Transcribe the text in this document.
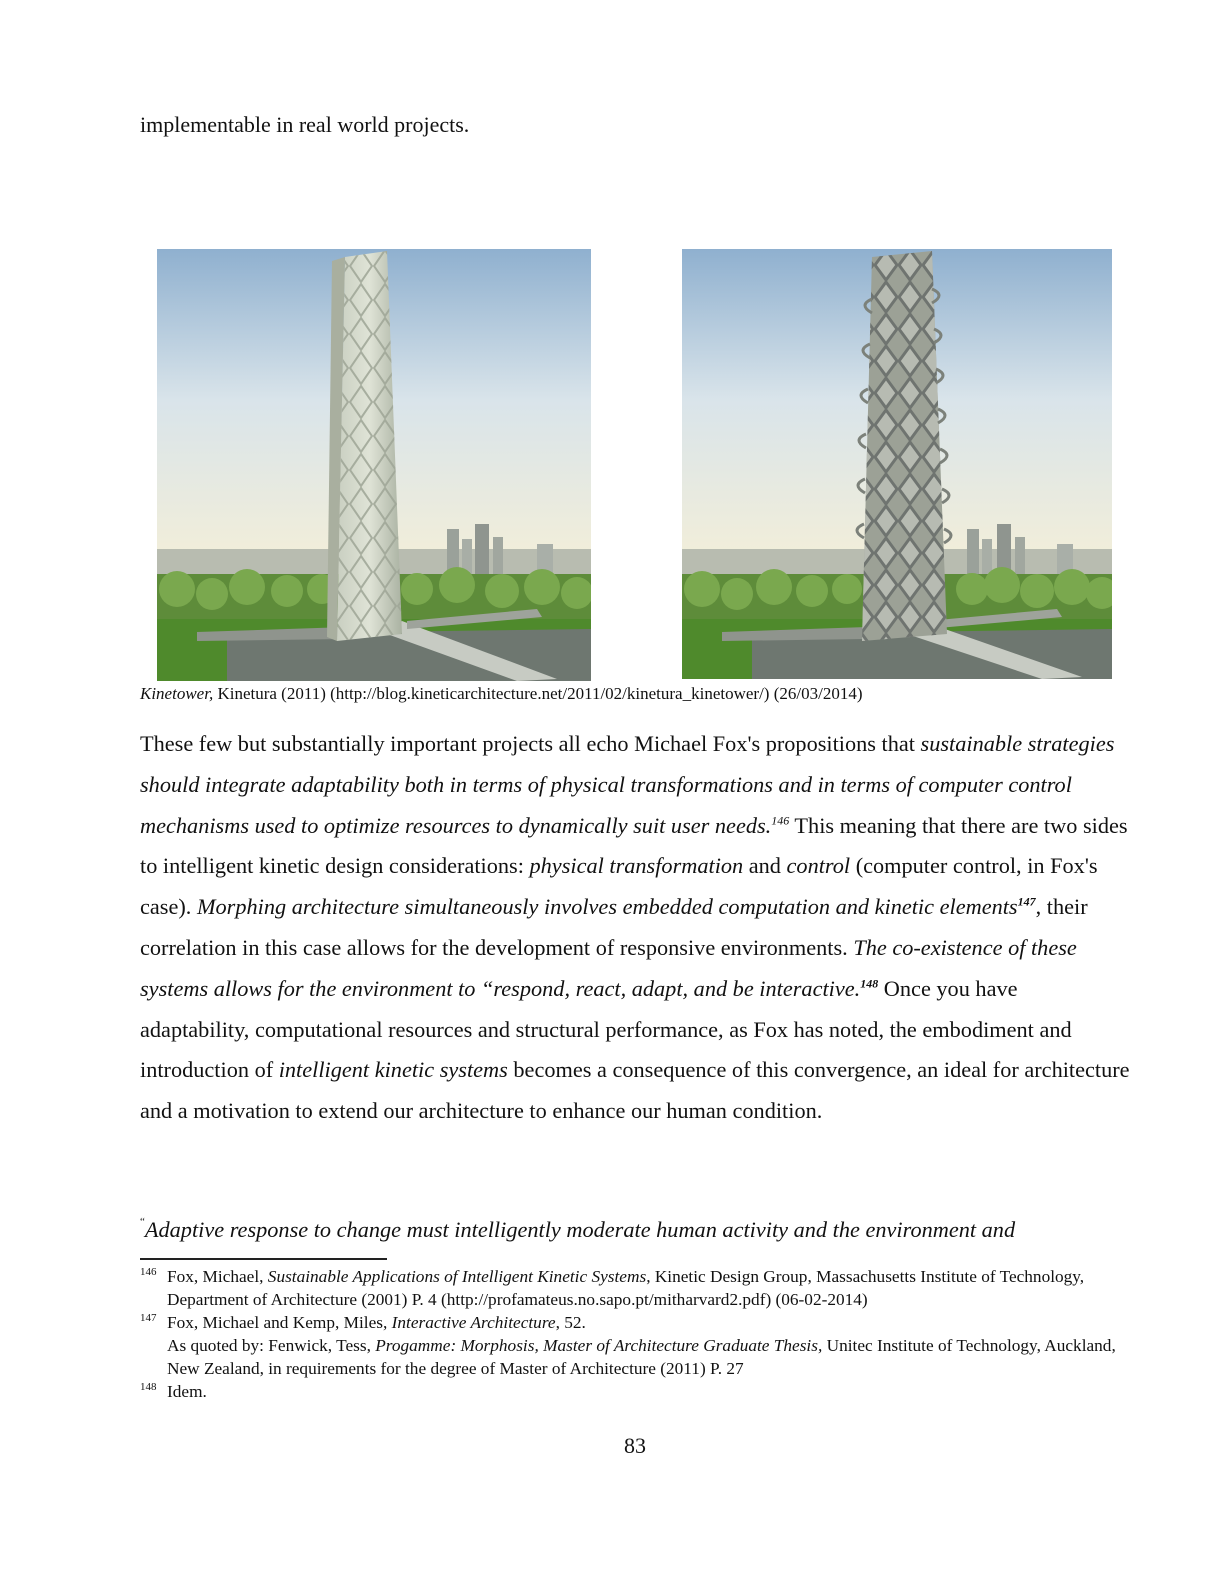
implementable in real world projects.
Kinetower, Kinetura (2011) (http://blog.kineticarchitecture.net/2011/02/kinetura_kinetower/) (26/03/2014)
These few but substantially important projects all echo Michael Fox's propositions that sustainable strategies should integrate adaptability both in terms of physical transformations and in terms of computer control mechanisms used to optimize resources to dynamically suit user needs.$^{146}$ This meaning that there are two sides to intelligent kinetic design considerations: physical transformation and control (computer control, in Fox's case). Morphing architecture simultaneously involves embedded computation and kinetic elements$^{147}$, their correlation in this case allows for the development of responsive environments. The co-existence of these systems allows for the environment to “respond, react, adapt, and be interactive.$^{148}$ Once you have adaptability, computational resources and structural performance, as Fox has noted, the embodiment and introduction of intelligent kinetic systems becomes a consequence of this convergence, an ideal for architecture and a motivation to extend our architecture to enhance our human condition.
“Adaptive response to change must intelligently moderate human activity and the environment and
146 Fox, Michael, Sustainable Applications of Intelligent Kinetic Systems, Kinetic Design Group, Massachusetts Institute of Technology, Department of Architecture (2001) P. 4 (http://profamateus.no.sapo.pt/mitharvard2.pdf) (06-02-2014)
147 Fox, Michael and Kemp, Miles, Interactive Architecture, 52.
As quoted by: Fenwick, Tess, Progamme: Morphosis, Master of Architecture Graduate Thesis, Unitec Institute of Technology, Auckland, New Zealand, in requirements for the degree of Master of Architecture (2011) P. 27
148 Idem.
83
